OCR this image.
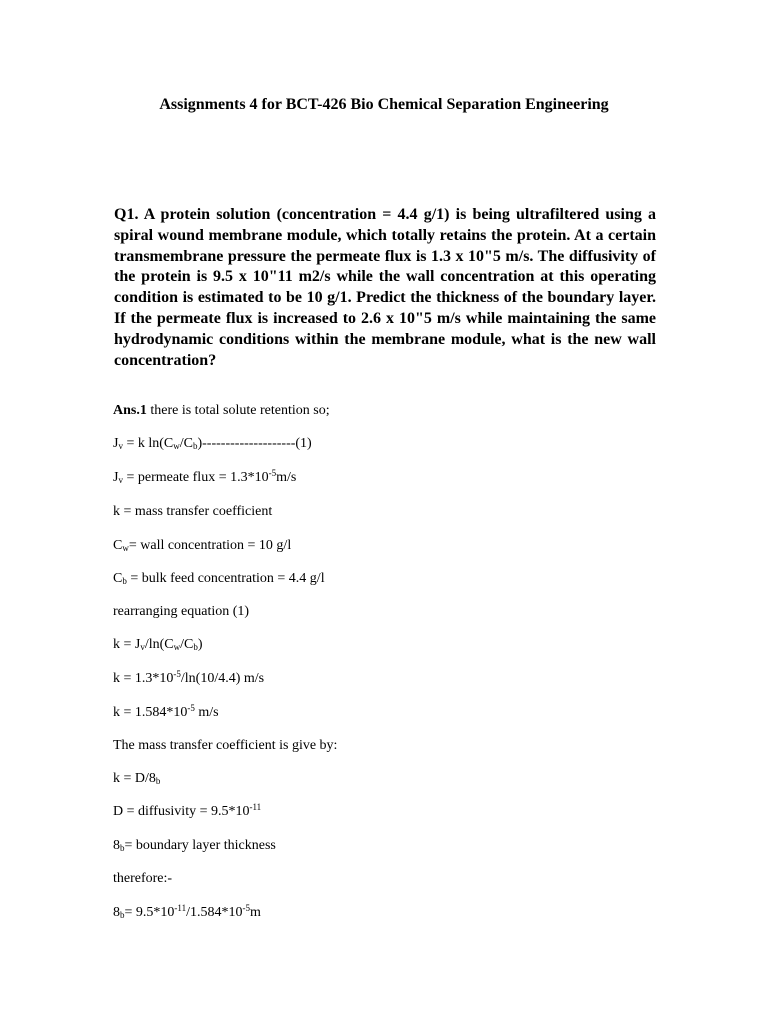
Assignments 4 for BCT-426 Bio Chemical Separation Engineering

Q1. A protein solution (concentration = 4.4 g/1) is being ultrafiltered using a spiral wound membrane module, which totally retains the protein. At a certain transmembrane pressure the permeate flux is 1.3 x 10"5 m/s. The diffusivity of the protein is 9.5 x 10"11 m2/s while the wall concentration at this operating condition is estimated to be 10 g/1. Predict the thickness of the boundary layer. If the permeate flux is increased to 2.6 x 10"5 m/s while maintaining the same hydrodynamic conditions within the membrane module, what is the new wall concentration?

Ans.1 there is total solute retention so;

$J_v = k$ $\ln(C_w/C_b)--------------------(1)$

$J_v$ = permeate flux = $1.3*10^{-5}m/s$

k = mass transfer coefficient

$C_w=$ wall concentration = 10 g/l

$C_b$ = bulk feed concentration = 4.4 g/l

rearranging equation (1)

$k = J_v/\ln(C_w/C_b)$

$k = 1.3*10^{-5}/\ln(10/4.4)$ m/s

$k = 1.584*10^{-5}$ m/s

The mass transfer coefficient is give by:

$k = D/8_b$

D = diffusivity = $9.5*10^{-11}$

$8_b=$ boundary layer thickness

therefore:-

$8_b= 9.5*10^{-11}/1.584*10^{-5}m$
